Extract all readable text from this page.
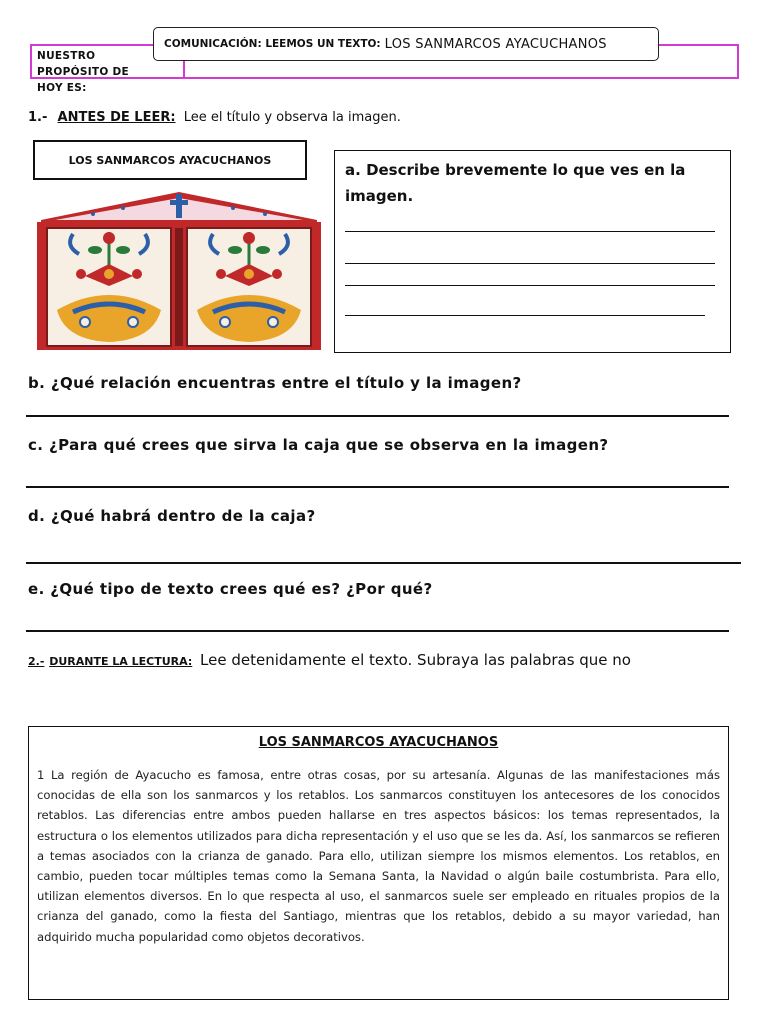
NUESTRO PROPÓSITO DE HOY ES:
COMUNICACIÓN: LEEMOS UN TEXTO: LOS SANMARCOS AYACUCHANOS
1.- ANTES DE LEER: Lee el título y observa la imagen.
LOS SANMARCOS AYACUCHANOS
a. Describe brevemente lo que ves en la imagen.
b. ¿Qué relación encuentras entre el título y la imagen?
c. ¿Para qué crees que sirva la caja que se observa en la imagen?
d. ¿Qué habrá dentro de la caja?
e. ¿Qué tipo de texto crees qué es? ¿Por qué?
2.- DURANTE LA LECTURA: Lee detenidamente el texto. Subraya las palabras que no
LOS SANMARCOS AYACUCHANOS
1 La región de Ayacucho es famosa, entre otras cosas, por su artesanía. Algunas de las manifestaciones más conocidas de ella son los sanmarcos y los retablos. Los sanmarcos constituyen los antecesores de los conocidos retablos. Las diferencias entre ambos pueden hallarse en tres aspectos básicos: los temas representados, la estructura o los elementos utilizados para dicha representación y el uso que se les da. Así, los sanmarcos se refieren a temas asociados con la crianza de ganado. Para ello, utilizan siempre los mismos elementos. Los retablos, en cambio, pueden tocar múltiples temas como la Semana Santa, la Navidad o algún baile costumbrista. Para ello, utilizan elementos diversos. En lo que respecta al uso, el sanmarcos suele ser empleado en rituales propios de la crianza del ganado, como la fiesta del Santiago, mientras que los retablos, debido a su mayor variedad, han adquirido mucha popularidad como objetos decorativos.
